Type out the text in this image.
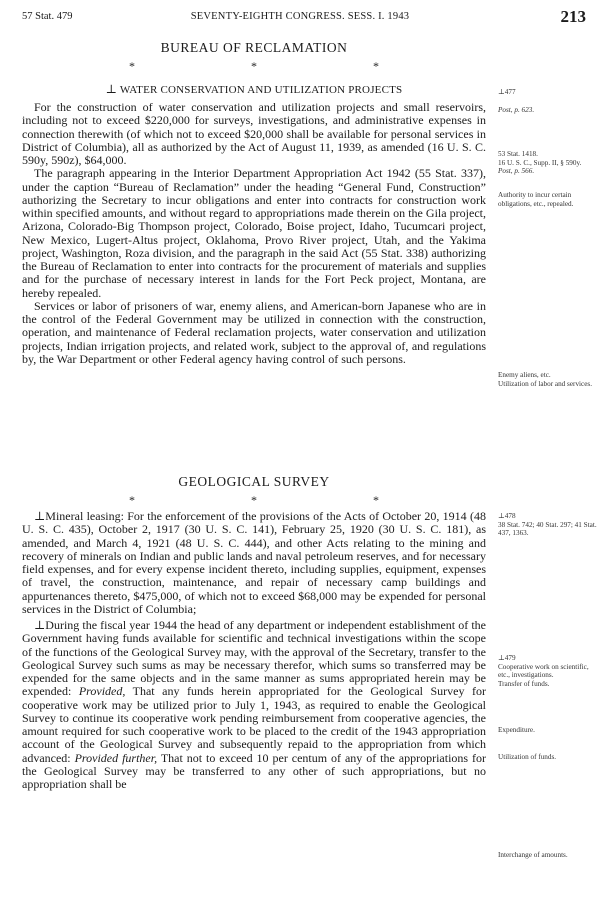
57 Stat. 479	SEVENTY-EIGHTH CONGRESS. SESS. I. 1943	213
BUREAU OF RECLAMATION
*	*	*
⊥ WATER CONSERVATION AND UTILIZATION PROJECTS

For the construction of water conservation and utilization projects and small reservoirs, including not to exceed $220,000 for surveys, investigations, and administrative expenses in connection therewith (of which not to exceed $20,000 shall be available for personal services in District of Columbia), all as authorized by the Act of August 11, 1939, as amended (16 U. S. C. 590y, 590z), $64,000.

The paragraph appearing in the Interior Department Appropriation Act 1942 (55 Stat. 337), under the caption “Bureau of Reclamation” under the heading “General Fund, Construction” authorizing the Secretary to incur obligations and enter into contracts for construction work within specified amounts, and without regard to appropriations made therein on the Gila project, Arizona, Colorado-Big Thompson project, Colorado, Boise project, Idaho, Tucumcari project, New Mexico, Lugert-Altus project, Oklahoma, Provo River project, Utah, and the Yakima project, Washington, Roza division, and the paragraph in the said Act (55 Stat. 338) authorizing the Bureau of Reclamation to enter into contracts for the procurement of materials and supplies and for the purchase of necessary interest in lands for the Fort Peck project, Montana, are hereby repealed.

Services or labor of prisoners of war, enemy aliens, and American-born Japanese who are in the control of the Federal Government may be utilized in connection with the construction, operation, and maintenance of Federal reclamation projects, water conservation and utilization projects, Indian irrigation projects, and related work, subject to the approval of, and regulations by, the War Department or other Federal agency having control of such persons.

GEOLOGICAL SURVEY
*	*	*

⊥Mineral leasing: For the enforcement of the provisions of the Acts of October 20, 1914 (48 U. S. C. 435), October 2, 1917 (30 U. S. C. 141), February 25, 1920 (30 U. S. C. 181), as amended, and March 4, 1921 (48 U. S. C. 444), and other Acts relating to the mining and recovery of minerals on Indian and public lands and naval petroleum reserves, and for necessary field expenses, and for every expense incident thereto, including supplies, equipment, expenses of travel, the construction, maintenance, and repair of necessary camp buildings and appurtenances thereto, $475,000, of which not to exceed $68,000 may be expended for personal services in the District of Columbia;

⊥During the fiscal year 1944 the head of any department or independent establishment of the Government having funds available for scientific and technical investigations within the scope of the functions of the Geological Survey may, with the approval of the Secretary, transfer to the Geological Survey such sums as may be necessary therefor, which sums so transferred may be expended for the same objects and in the same manner as sums appropriated herein may be expended: Provided, That any funds herein appropriated for the Geological Survey for cooperative work may be utilized prior to July 1, 1943, as required to enable the Geological Survey to continue its cooperative work pending reimbursement from cooperative agencies, the amount required for such cooperative work to be placed to the credit of the 1943 appropriation account of the Geological Survey and subsequently repaid to the appropriation from which advanced: Provided further, That not to exceed 10 per centum of any of the appropriations for the Geological Survey may be transferred to any other of such appropriations, but no appropriation shall be

⊥477
Post, p. 623.
53 Stat. 1418.
16 U. S. C., Supp. II, § 590y.
Post, p. 566.
Authority to incur certain obligations, etc., repealed.
Enemy aliens, etc.
Utilization of labor and services.
⊥478
38 Stat. 742; 40 Stat. 297; 41 Stat. 437, 1363.
⊥479
Cooperative work on scientific, etc., investigations.
Transfer of funds.
Expenditure.
Utilization of funds.
Interchange of amounts.
